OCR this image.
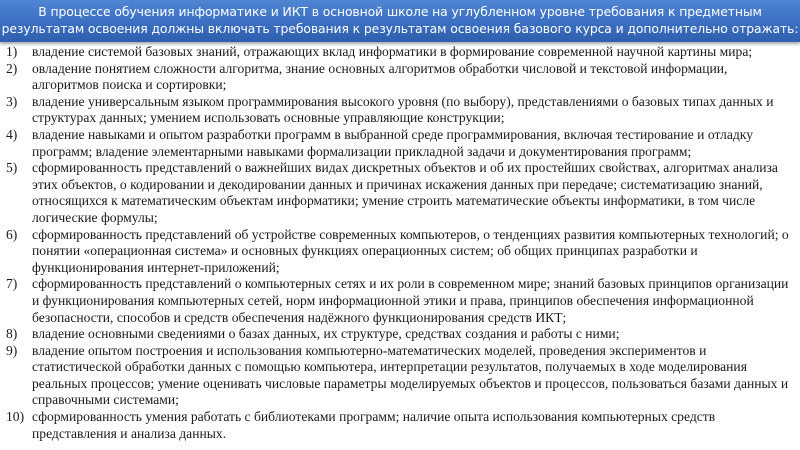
В процессе обучения информатике и ИКТ в основной школе на углубленном уровне требования к предметным
результатам освоения должны включать требования к результатам освоения базового курса и дополнительно отражать:
1)	владение системой базовых знаний, отражающих вклад информатики в формирование современной научной картины мира;
2)	овладение понятием сложности алгоритма, знание основных алгоритмов обработки числовой и текстовой информации, алгоритмов поиска и сортировки;
3)	владение универсальным языком программирования высокого уровня (по выбору), представлениями о базовых типах данных и структурах данных; умением использовать основные управляющие конструкции;
4)	владение навыками и опытом разработки программ в выбранной среде программирования, включая тестирование и отладку программ; владение элементарными навыками формализации прикладной задачи и документирования программ;
5)	сформированность представлений о важнейших видах дискретных объектов и об их простейших свойствах, алгоритмах анализа этих объектов, о кодировании и декодировании данных и причинах искажения данных при передаче; систематизацию знаний, относящихся к математическим объектам информатики; умение строить математические объекты информатики, в том числе логические формулы;
6)	сформированность представлений об устройстве современных компьютеров, о тенденциях развития компьютерных технологий; о понятии «операционная система» и основных функциях операционных систем; об общих принципах разработки и функционирования интернет-приложений;
7)	сформированность представлений о компьютерных сетях и их роли в современном мире; знаний базовых принципов организации и функционирования компьютерных сетей, норм информационной этики и права, принципов обеспечения информационной безопасности, способов и средств обеспечения надёжного функционирования средств ИКТ;
8)	владение основными сведениями о базах данных, их структуре, средствах создания и работы с ними;
9)	владение опытом построения и использования компьютерно-математических моделей, проведения экспериментов и статистической обработки данных с помощью компьютера, интерпретации результатов, получаемых в ходе моделирования реальных процессов; умение оценивать числовые параметры моделируемых объектов и процессов, пользоваться базами данных и справочными системами;
10) сформированность умения работать с библиотеками программ; наличие опыта использования компьютерных средств представления и анализа данных.
